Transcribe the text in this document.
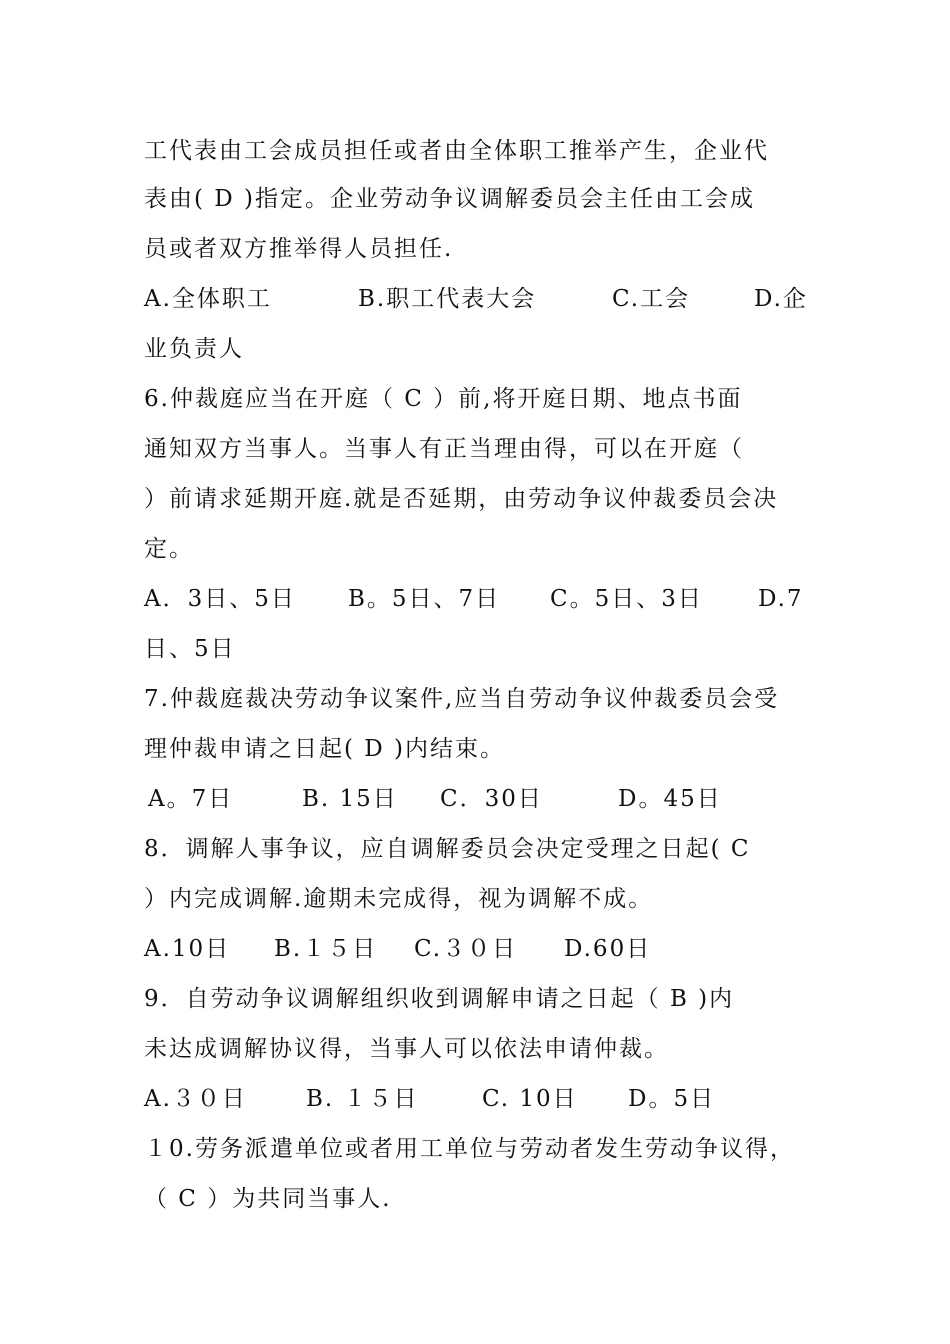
工代表由工会成员担任或者由全体职工推举产生，企业代
表由( D )指定。企业劳动争议调解委员会主任由工会成
员或者双方推举得人员担任.
A.全体职工	B.职工代表大会	C.工会	D.企
业负责人
6.仲裁庭应当在开庭（ C ）前,将开庭日期、地点书面
通知双方当事人。当事人有正当理由得，可以在开庭（
）前请求延期开庭.就是否延期，由劳动争议仲裁委员会决
定。
A．3日、5日 B。5日、7日 C。5日、3日 D.7
日、5日
7.仲裁庭裁决劳动争议案件,应当自劳动争议仲裁委员会受
理仲裁申请之日起( D )内结束。
A。7日	B. 15日 C．30日	D。45日
8．调解人事争议，应自调解委员会决定受理之日起( C
）内完成调解.逾期未完成得，视为调解不成。
A.10日 B.１５日 C.３０日 D.60日
9．自劳动争议调解组织收到调解申请之日起（ B )内
未达成调解协议得，当事人可以依法申请仲裁。
A.３０日	B. １５日	C. 10日 D。5日
１0.劳务派遣单位或者用工单位与劳动者发生劳动争议得，
（ C ）为共同当事人.
